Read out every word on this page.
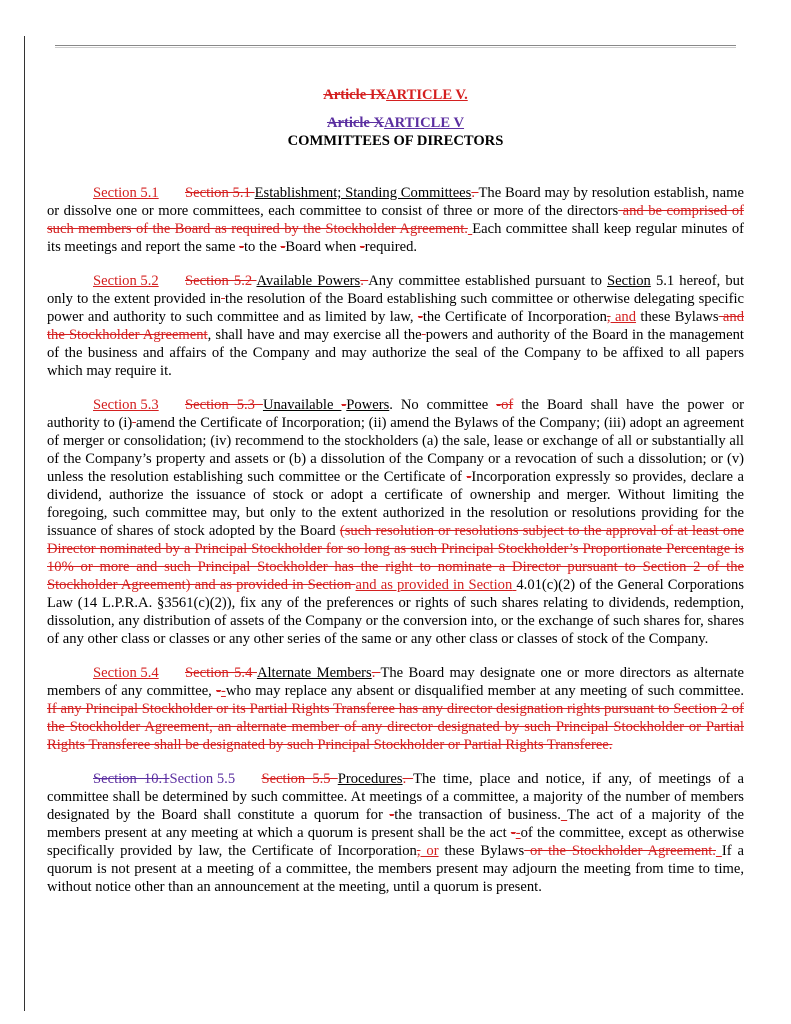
Article IXARTICLE V.

Article XARTICLE V

COMMITTEES OF DIRECTORS

Section 5.1 Section 5.1 Establishment; Standing Committees. The Board may by resolution establish, name or dissolve one or more committees, each committee to consist of three or more of the directors and be comprised of such members of the Board as required by the Stockholder Agreement. Each committee shall keep regular minutes of its meetings and report the same -to the -Board when -required.

Section 5.2 Section 5.2 Available Powers. Any committee established pursuant to Section 5.1 hereof, but only to the extent provided in the resolution of the Board establishing such committee or otherwise delegating specific power and authority to such committee and as limited by law, -the Certificate of Incorporation, and these Bylaws and the Stockholder Agreement, shall have and may exercise all the powers and authority of the Board in the management of the business and affairs of the Company and may authorize the seal of the Company to be affixed to all papers which may require it.

Section 5.3 Section 5.3 Unavailable -Powers. No committee -of the Board shall have the power or authority to (i) amend the Certificate of Incorporation; (ii) amend the Bylaws of the Company; (iii) adopt an agreement of merger or consolidation; (iv) recommend to the stockholders (a) the sale, lease or exchange of all or substantially all of the Company’s property and assets or (b) a dissolution of the Company or a revocation of such a dissolution; or (v) unless the resolution establishing such committee or the Certificate of -Incorporation expressly so provides, declare a dividend, authorize the issuance of stock or adopt a certificate of ownership and merger. Without limiting the foregoing, such committee may, but only to the extent authorized in the resolution or resolutions providing for the issuance of shares of stock adopted by the Board (such resolution or resolutions subject to the approval of at least one Director nominated by a Principal Stockholder for so long as such Principal Stockholder’s Proportionate Percentage is 10% or more and such Principal Stockholder has the right to nominate a Director pursuant to Section 2 of the Stockholder Agreement) and as provided in Section and as provided in Section 4.01(c)(2) of the General Corporations Law (14 L.P.R.A. §3561(c)(2)), fix any of the preferences or rights of such shares relating to dividends, redemption, dissolution, any distribution of assets of the Company or the conversion into, or the exchange of such shares for, shares of any other class or classes or any other series of the same or any other class or classes of stock of the Company.

Section 5.4 Section 5.4 Alternate Members. The Board may designate one or more directors as alternate members of any committee, --who may replace any absent or disqualified member at any meeting of such committee. If any Principal Stockholder or its Partial Rights Transferee has any director designation rights pursuant to Section 2 of the Stockholder Agreement, an alternate member of any director designated by such Principal Stockholder or Partial Rights Transferee shall be designated by such Principal Stockholder or Partial Rights Transferee.

Section 10.1Section 5.5 Section 5.5 Procedures. The time, place and notice, if any, of meetings of a committee shall be determined by such committee. At meetings of a committee, a majority of the number of members designated by the Board shall constitute a quorum for -the transaction of business. The act of a majority of the members present at any meeting at which a quorum is present shall be the act --of the committee, except as otherwise specifically provided by law, the Certificate of Incorporation, or these Bylaws or the Stockholder Agreement. If a quorum is not present at a meeting of a committee, the members present may adjourn the meeting from time to time, without notice other than an announcement at the meeting, until a quorum is present.
